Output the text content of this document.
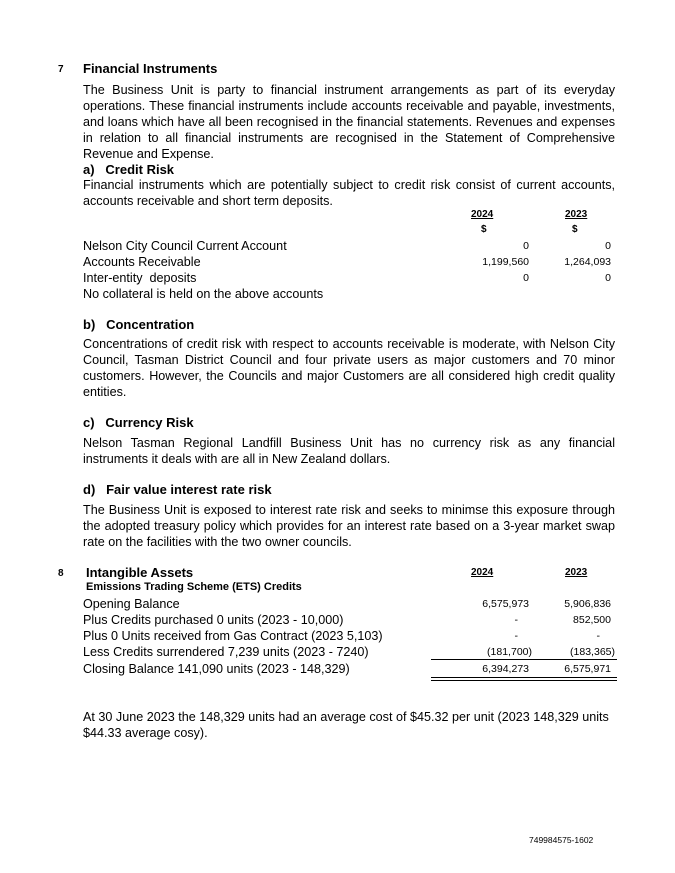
7 Financial Instruments
The Business Unit is party to financial instrument arrangements as part of its everyday operations. These financial instruments include accounts receivable and payable, investments, and loans which have all been recognised in the financial statements. Revenues and expenses in relation to all financial instruments are recognised in the Statement of Comprehensive Revenue and Expense.
a)   Credit Risk
Financial instruments which are potentially subject to credit risk consist of current accounts, accounts receivable and short term deposits.
2024	2023
$	$
Nelson City Council Current Account	0	0
Accounts Receivable	1,199,560	1,264,093
Inter-entity  deposits	0	0
No collateral is held on the above accounts
b)   Concentration
Concentrations of credit risk with respect to accounts receivable is moderate, with Nelson City Council, Tasman District Council and four private users as major customers and 70 minor customers. However, the Councils and major Customers are all considered high credit quality entities.
c)   Currency Risk
Nelson Tasman Regional Landfill Business Unit has no currency risk as any financial instruments it deals with are all in New Zealand dollars.
d)   Fair value interest rate risk
The Business Unit is exposed to interest rate risk and seeks to minimse this exposure through the adopted treasury policy which provides for an interest rate based on a 3-year market swap rate on the facilities with the two owner councils.
8 Intangible Assets	2024	2023
Emissions Trading Scheme (ETS) Credits
Opening Balance	6,575,973	5,906,836
Plus Credits purchased 0 units (2023 - 10,000)	-	852,500
Plus 0 Units received from Gas Contract (2023 5,103)	-	-
Less Credits surrendered 7,239 units (2023 - 7240)	(181,700)	(183,365)
Closing Balance 141,090 units (2023 - 148,329)	6,394,273	6,575,971
At 30 June 2023 the 148,329 units had an average cost of $45.32 per unit (2023 148,329 units $44.33 average cosy).
749984575-1602
